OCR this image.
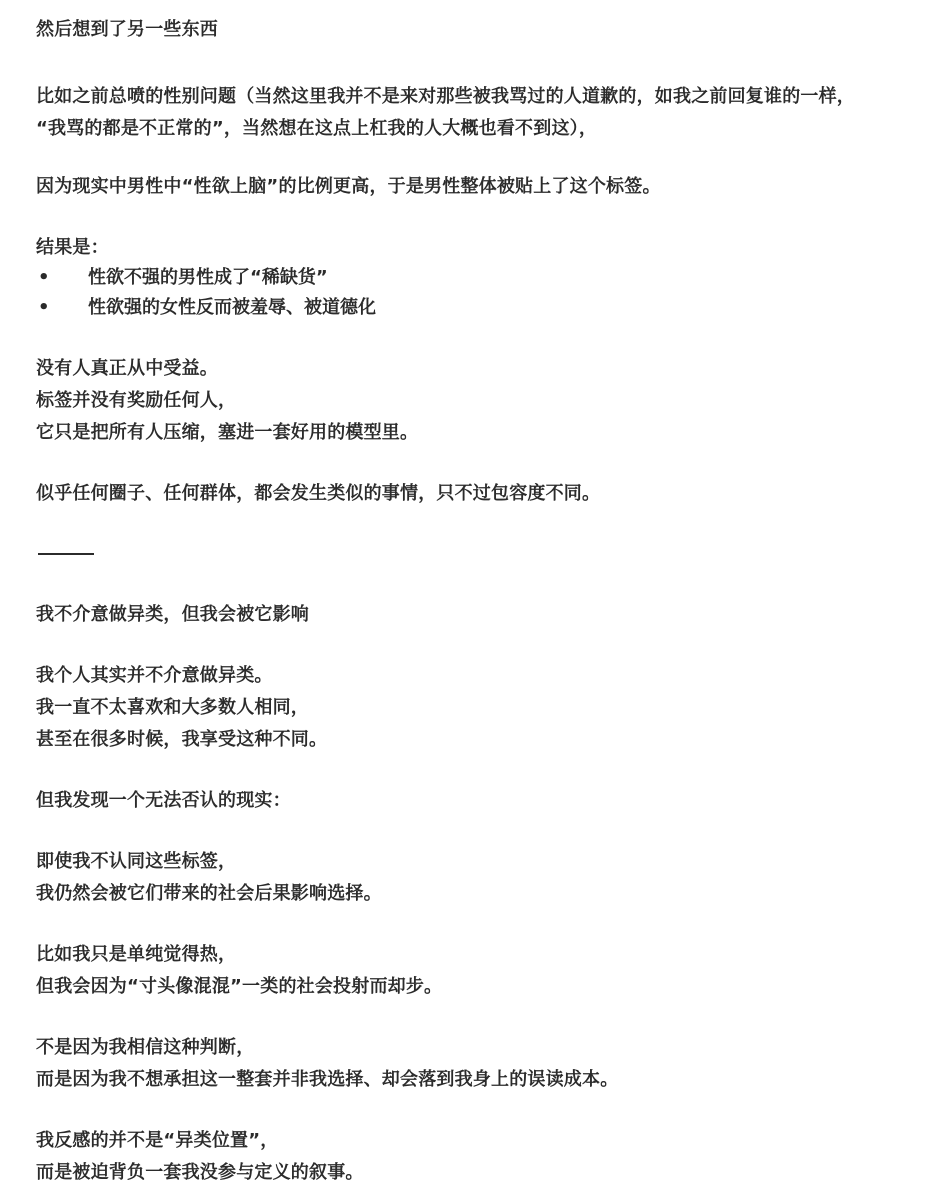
然后想到了另一些东西
比如之前总喷的性别问题（当然这里我并不是来对那些被我骂过的人道歉的，如我之前回复谁的一样，
“我骂的都是不正常的”，当然想在这点上杠我的人大概也看不到这），
因为现实中男性中“性欲上脑”的比例更高，于是男性整体被贴上了这个标签。
结果是：
• 性欲不强的男性成了“稀缺货”
• 性欲强的女性反而被羞辱、被道德化
没有人真正从中受益。
标签并没有奖励任何人，
它只是把所有人压缩，塞进一套好用的模型里。
似乎任何圈子、任何群体，都会发生类似的事情，只不过包容度不同。
我不介意做异类，但我会被它影响
我个人其实并不介意做异类。
我一直不太喜欢和大多数人相同，
甚至在很多时候，我享受这种不同。
但我发现一个无法否认的现实：
即使我不认同这些标签，
我仍然会被它们带来的社会后果影响选择。
比如我只是单纯觉得热，
但我会因为“寸头像混混”一类的社会投射而却步。
不是因为我相信这种判断，
而是因为我不想承担这一整套并非我选择、却会落到我身上的误读成本。
我反感的并不是“异类位置”，
而是被迫背负一套我没参与定义的叙事。
